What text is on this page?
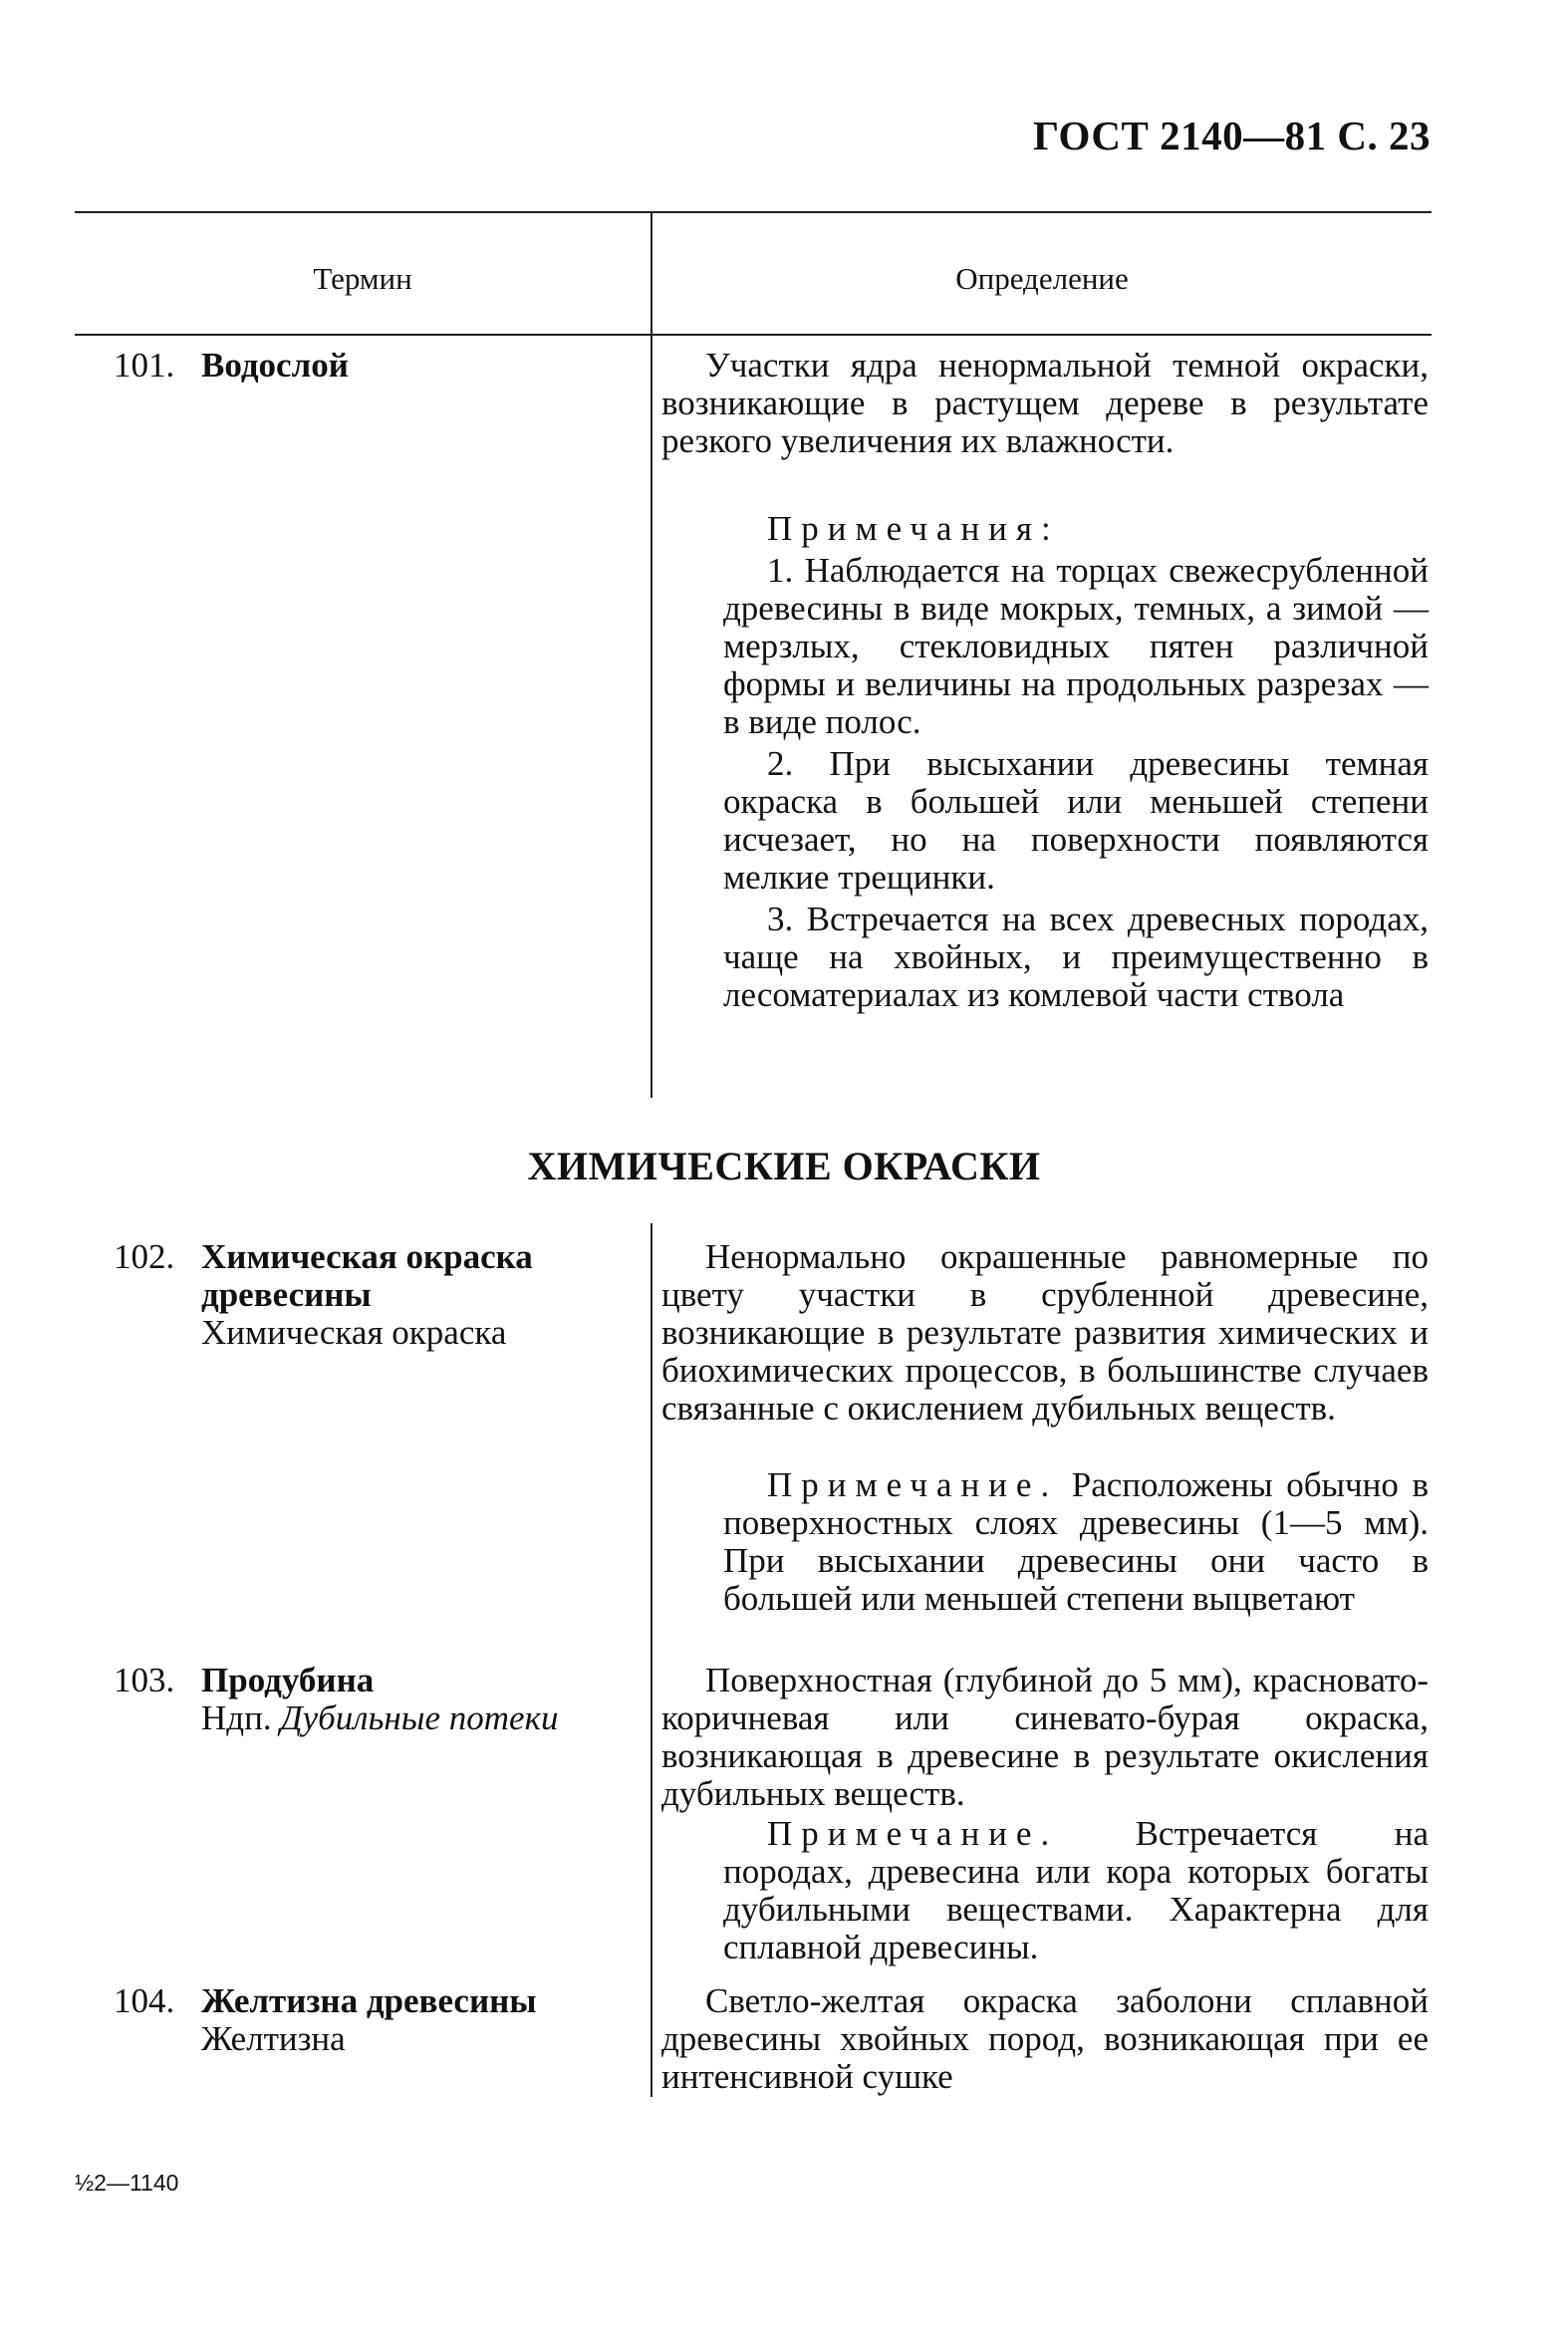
ГОСТ 2140—81 С. 23
Термин	Определение
101. Водослой	Участки ядра ненормальной темной окраски, возникающие в растущем дереве в результате резкого увеличения их влажности.

Примечания:

1. Наблюдается на торцах свежесрубленной древесины в виде мокрых, темных, а зимой — мерзлых, стекловидных пятен различной формы и величины на продольных разрезах — в виде полос.

2. При высыхании древесины темная окраска в большей или меньшей степени исчезает, но на поверхности появляются мелкие трещинки.

3. Встречается на всех древесных породах, чаще на хвойных, и преимущественно в лесоматериалах из комлевой части ствола

ХИМИЧЕСКИЕ ОКРАСКИ
102. Химическая окраска древесины
Химическая окраска

Ненормально окрашенные равномерные по цвету участки в срубленной древесине, возникающие в результате развития химических и биохимических процессов, в большинстве случаев связанные с окислением дубильных веществ.

Примечание. Расположены обычно в поверхностных слоях древесины (1—5 мм). При высыхании древесины они часто в большей или меньшей степени выцветают

103. Продубина
Ндп. Дубильные потеки

Поверхностная (глубиной до 5 мм), красновато-коричневая или синевато-бурая окраска, возникающая в древесине в результате окисления дубильных веществ.

Примечание. Встречается на породах, древесина или кора которых богаты дубильными веществами. Характерна для сплавной древесины.

104. Желтизна древесины
Желтизна

Светло-желтая окраска заболони сплавной древесины хвойных пород, возникающая при ее интенсивной сушке

½2—1140
